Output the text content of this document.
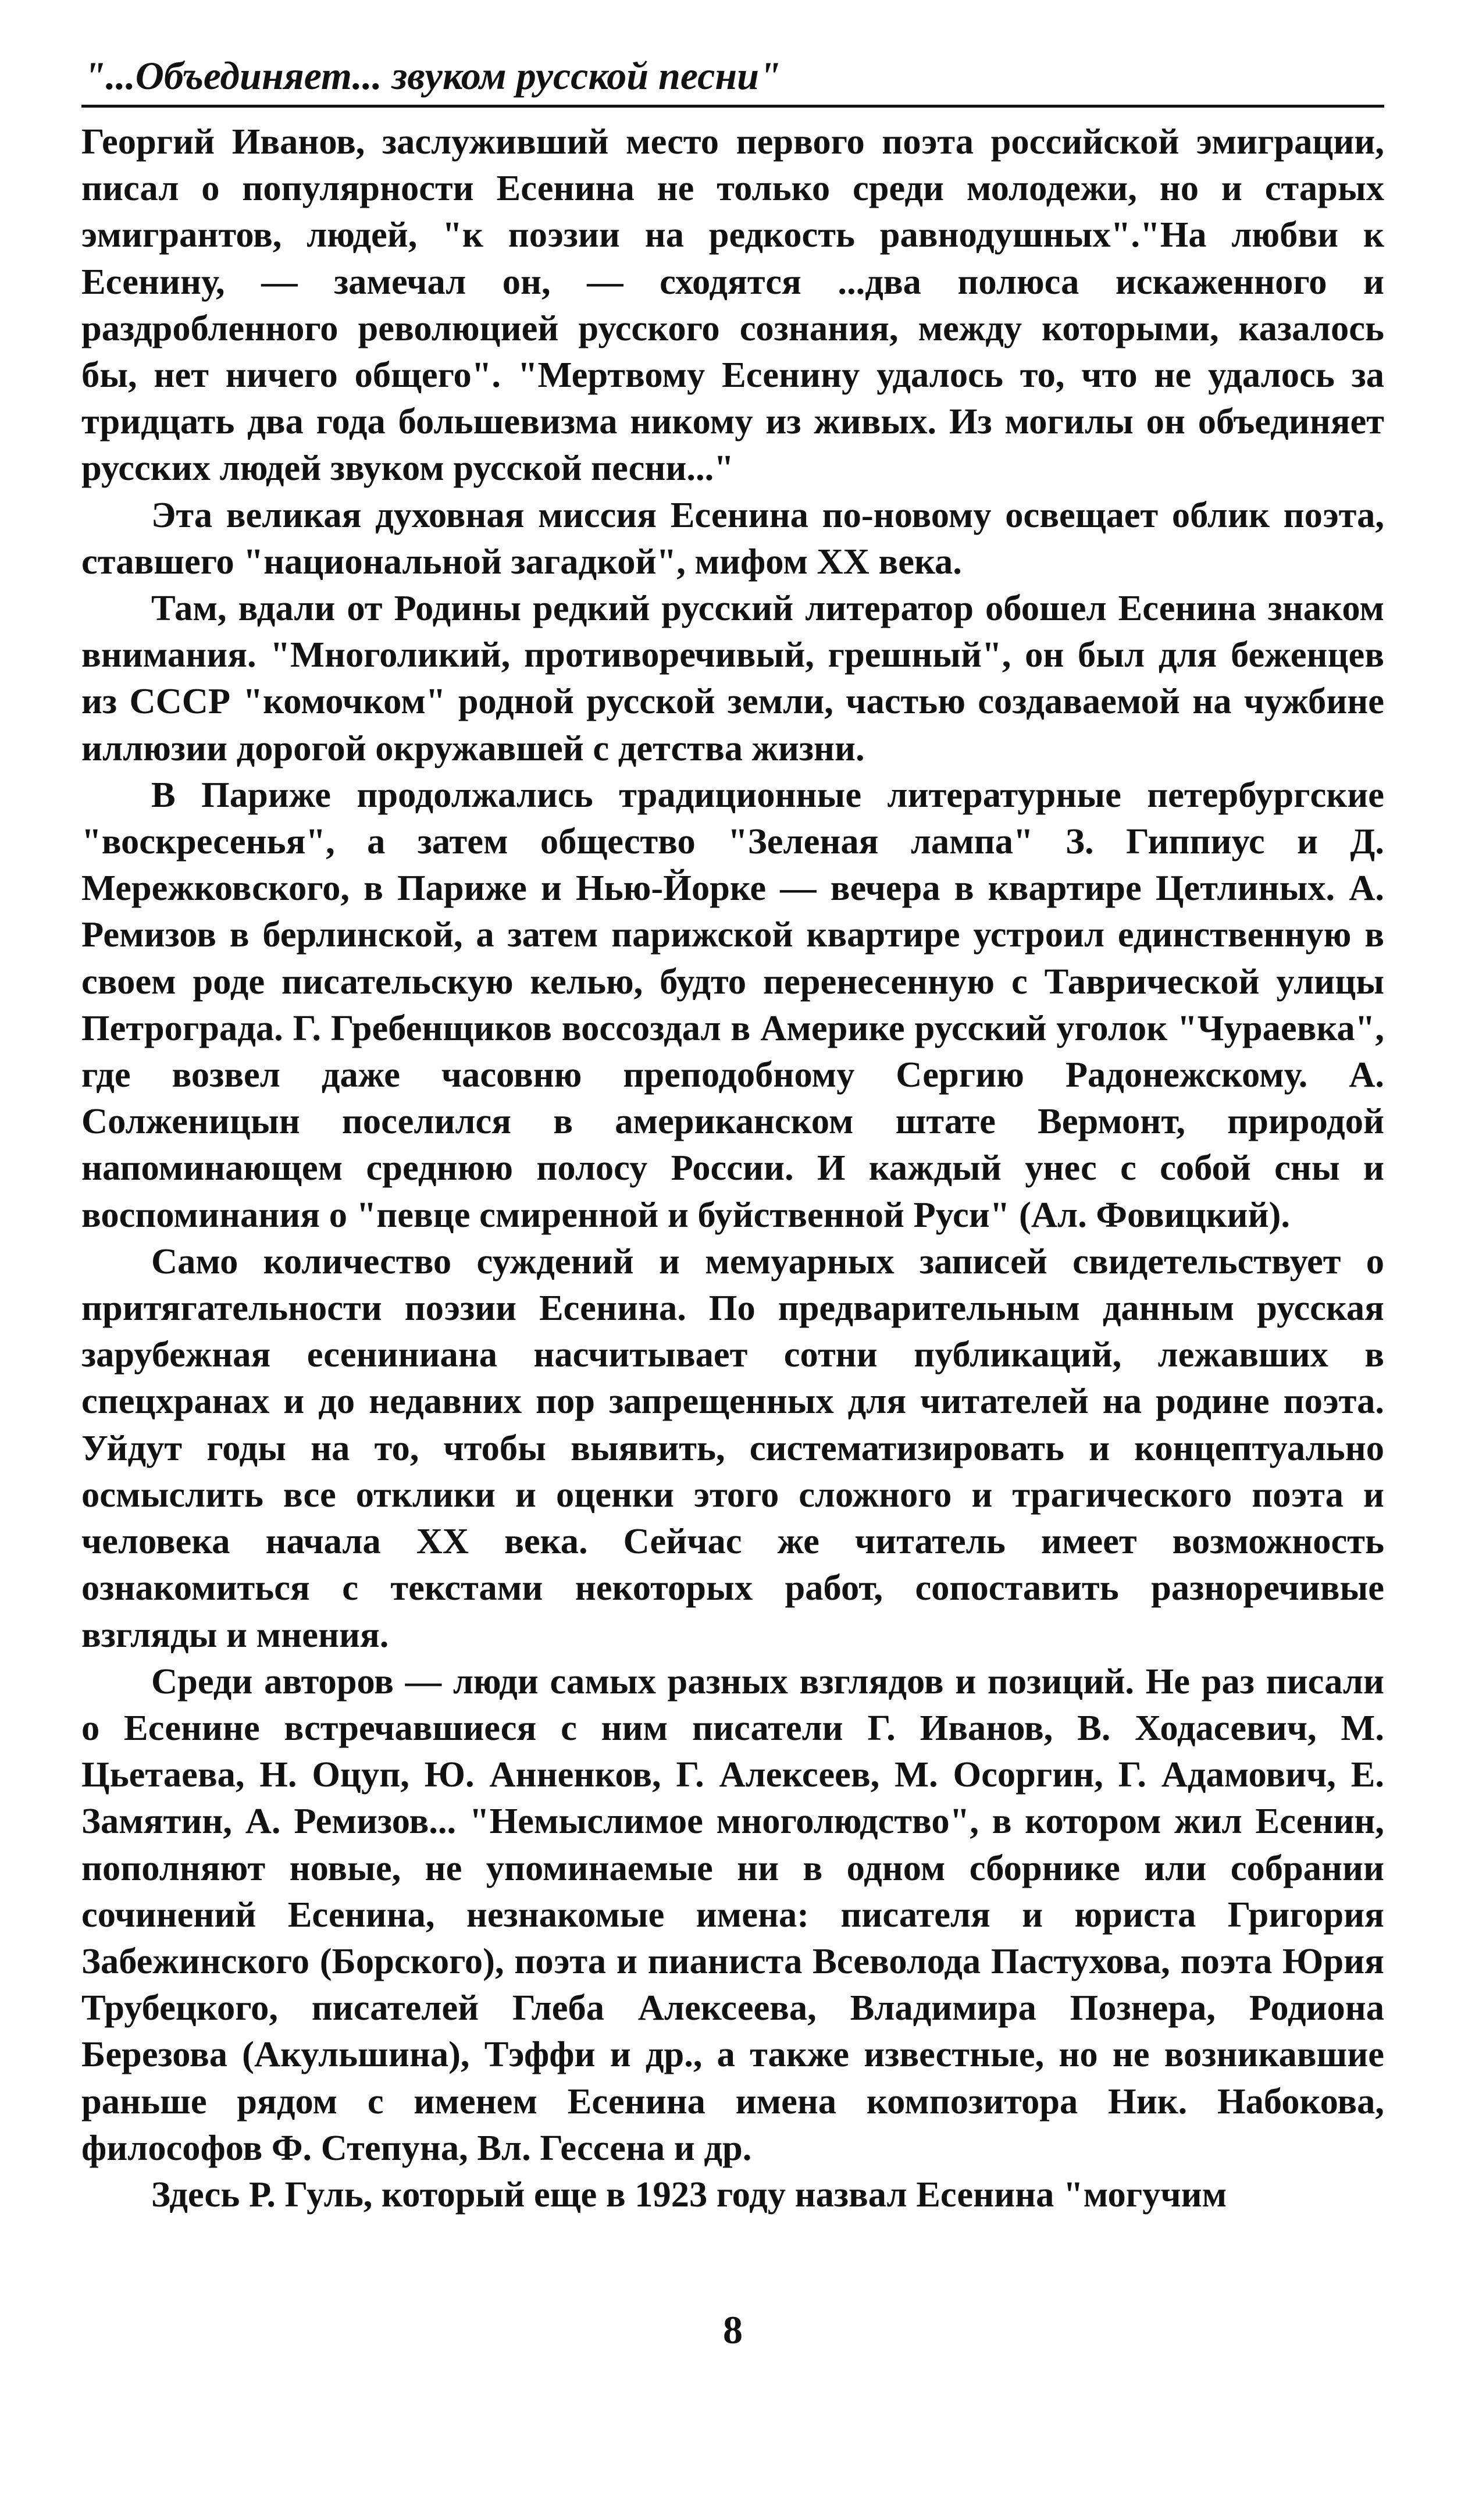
"...Объединяет... звуком русской песни"

Георгий Иванов, заслуживший место первого поэта российской эмиграции, писал о популярности Есенина не только среди молодежи, но и старых эмигрантов, людей, "к поэзии на редкость равнодушных"."На любви к Есенину, — замечал он, — сходятся ...два полюса искаженного и раздробленного революцией русского сознания, между которыми, казалось бы, нет ничего общего". "Мертвому Есенину удалось то, что не удалось за тридцать два года большевизма никому из живых. Из могилы он объединяет русских людей звуком русской песни..."

Эта великая духовная миссия Есенина по-новому освещает облик поэта, ставшего "национальной загадкой", мифом XX века.

Там, вдали от Родины редкий русский литератор обошел Есенина знаком внимания. "Многоликий, противоречивый, грешный", он был для беженцев из СССР "комочком" родной русской земли, частью создаваемой на чужбине иллюзии дорогой окружавшей с детства жизни.

В Париже продолжались традиционные литературные петербургские "воскресенья", а затем общество "Зеленая лампа" З. Гиппиус и Д. Мережковского, в Париже и Нью-Йорке — вечера в квартире Цетлиных. А. Ремизов в берлинской, а затем парижской квартире устроил единственную в своем роде писательскую келью, будто перенесенную с Таврической улицы Петрограда. Г. Гребенщиков воссоздал в Америке русский уголок "Чураевка", где возвел даже часовню преподобному Сергию Радонежскому. А. Солженицын поселился в американском штате Вермонт, природой напоминающем среднюю полосу России. И каждый унес с собой сны и воспоминания о "певце смиренной и буйственной Руси" (Ал. Фовицкий).

Само количество суждений и мемуарных записей свидетельствует о притягательности поэзии Есенина. По предварительным данным русская зарубежная есениниана насчитывает сотни публикаций, лежавших в спецхранах и до недавних пор запрещенных для читателей на родине поэта. Уйдут годы на то, чтобы выявить, систематизировать и концептуально осмыслить все отклики и оценки этого сложного и трагического поэта и человека начала XX века. Сейчас же читатель имеет возможность ознакомиться с текстами некоторых работ, сопоставить разноречивые взгляды и мнения.

Среди авторов — люди самых разных взглядов и позиций. Не раз писали о Есенине встречавшиеся с ним писатели Г. Иванов, В. Ходасевич, М. Цьетаева, Н. Оцуп, Ю. Анненков, Г. Алексеев, М. Осоргин, Г. Адамович, Е. Замятин, А. Ремизов... "Немыслимое многолюдство", в котором жил Есенин, пополняют новые, не упоминаемые ни в одном сборнике или собрании сочинений Есенина, незнакомые имена: писателя и юриста Григория Забежинского (Борского), поэта и пианиста Всеволода Пастухова, поэта Юрия Трубецкого, писателей Глеба Алексеева, Владимира Познера, Родиона Березова (Акульшина), Тэффи и др., а также известные, но не возникавшие раньше рядом с именем Есенина имена композитора Ник. Набокова, философов Ф. Степуна, Вл. Гессена и др.

Здесь Р. Гуль, который еще в 1923 году назвал Есенина "могучим

8
